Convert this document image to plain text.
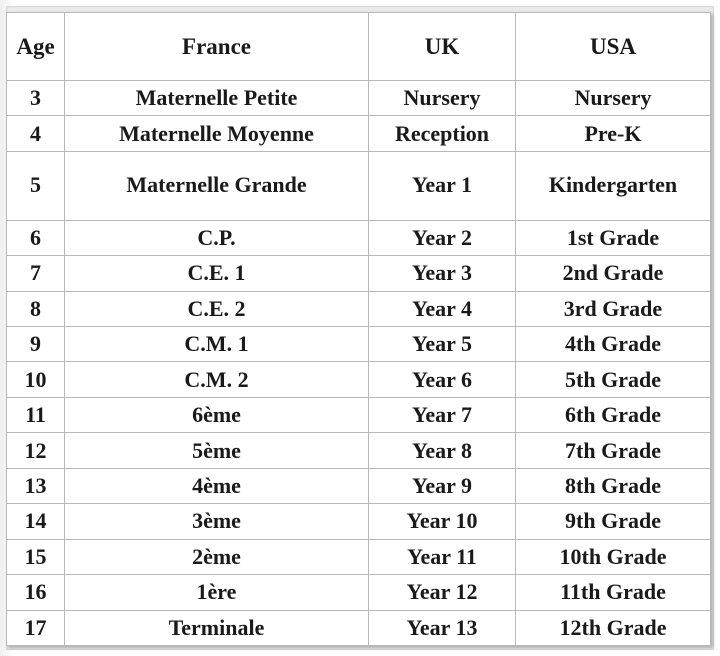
Age	France	UK	USA
3	Maternelle Petite	Nursery	Nursery
4	Maternelle Moyenne	Reception	Pre-K
5	Maternelle Grande	Year 1	Kindergarten
6	C.P.	Year 2	1st Grade
7	C.E. 1	Year 3	2nd Grade
8	C.E. 2	Year 4	3rd Grade
9	C.M. 1	Year 5	4th Grade
10	C.M. 2	Year 6	5th Grade
11	6ème	Year 7	6th Grade
12	5ème	Year 8	7th Grade
13	4ème	Year 9	8th Grade
14	3ème	Year 10	9th Grade
15	2ème	Year 11	10th Grade
16	1ère	Year 12	11th Grade
17	Terminale	Year 13	12th Grade
